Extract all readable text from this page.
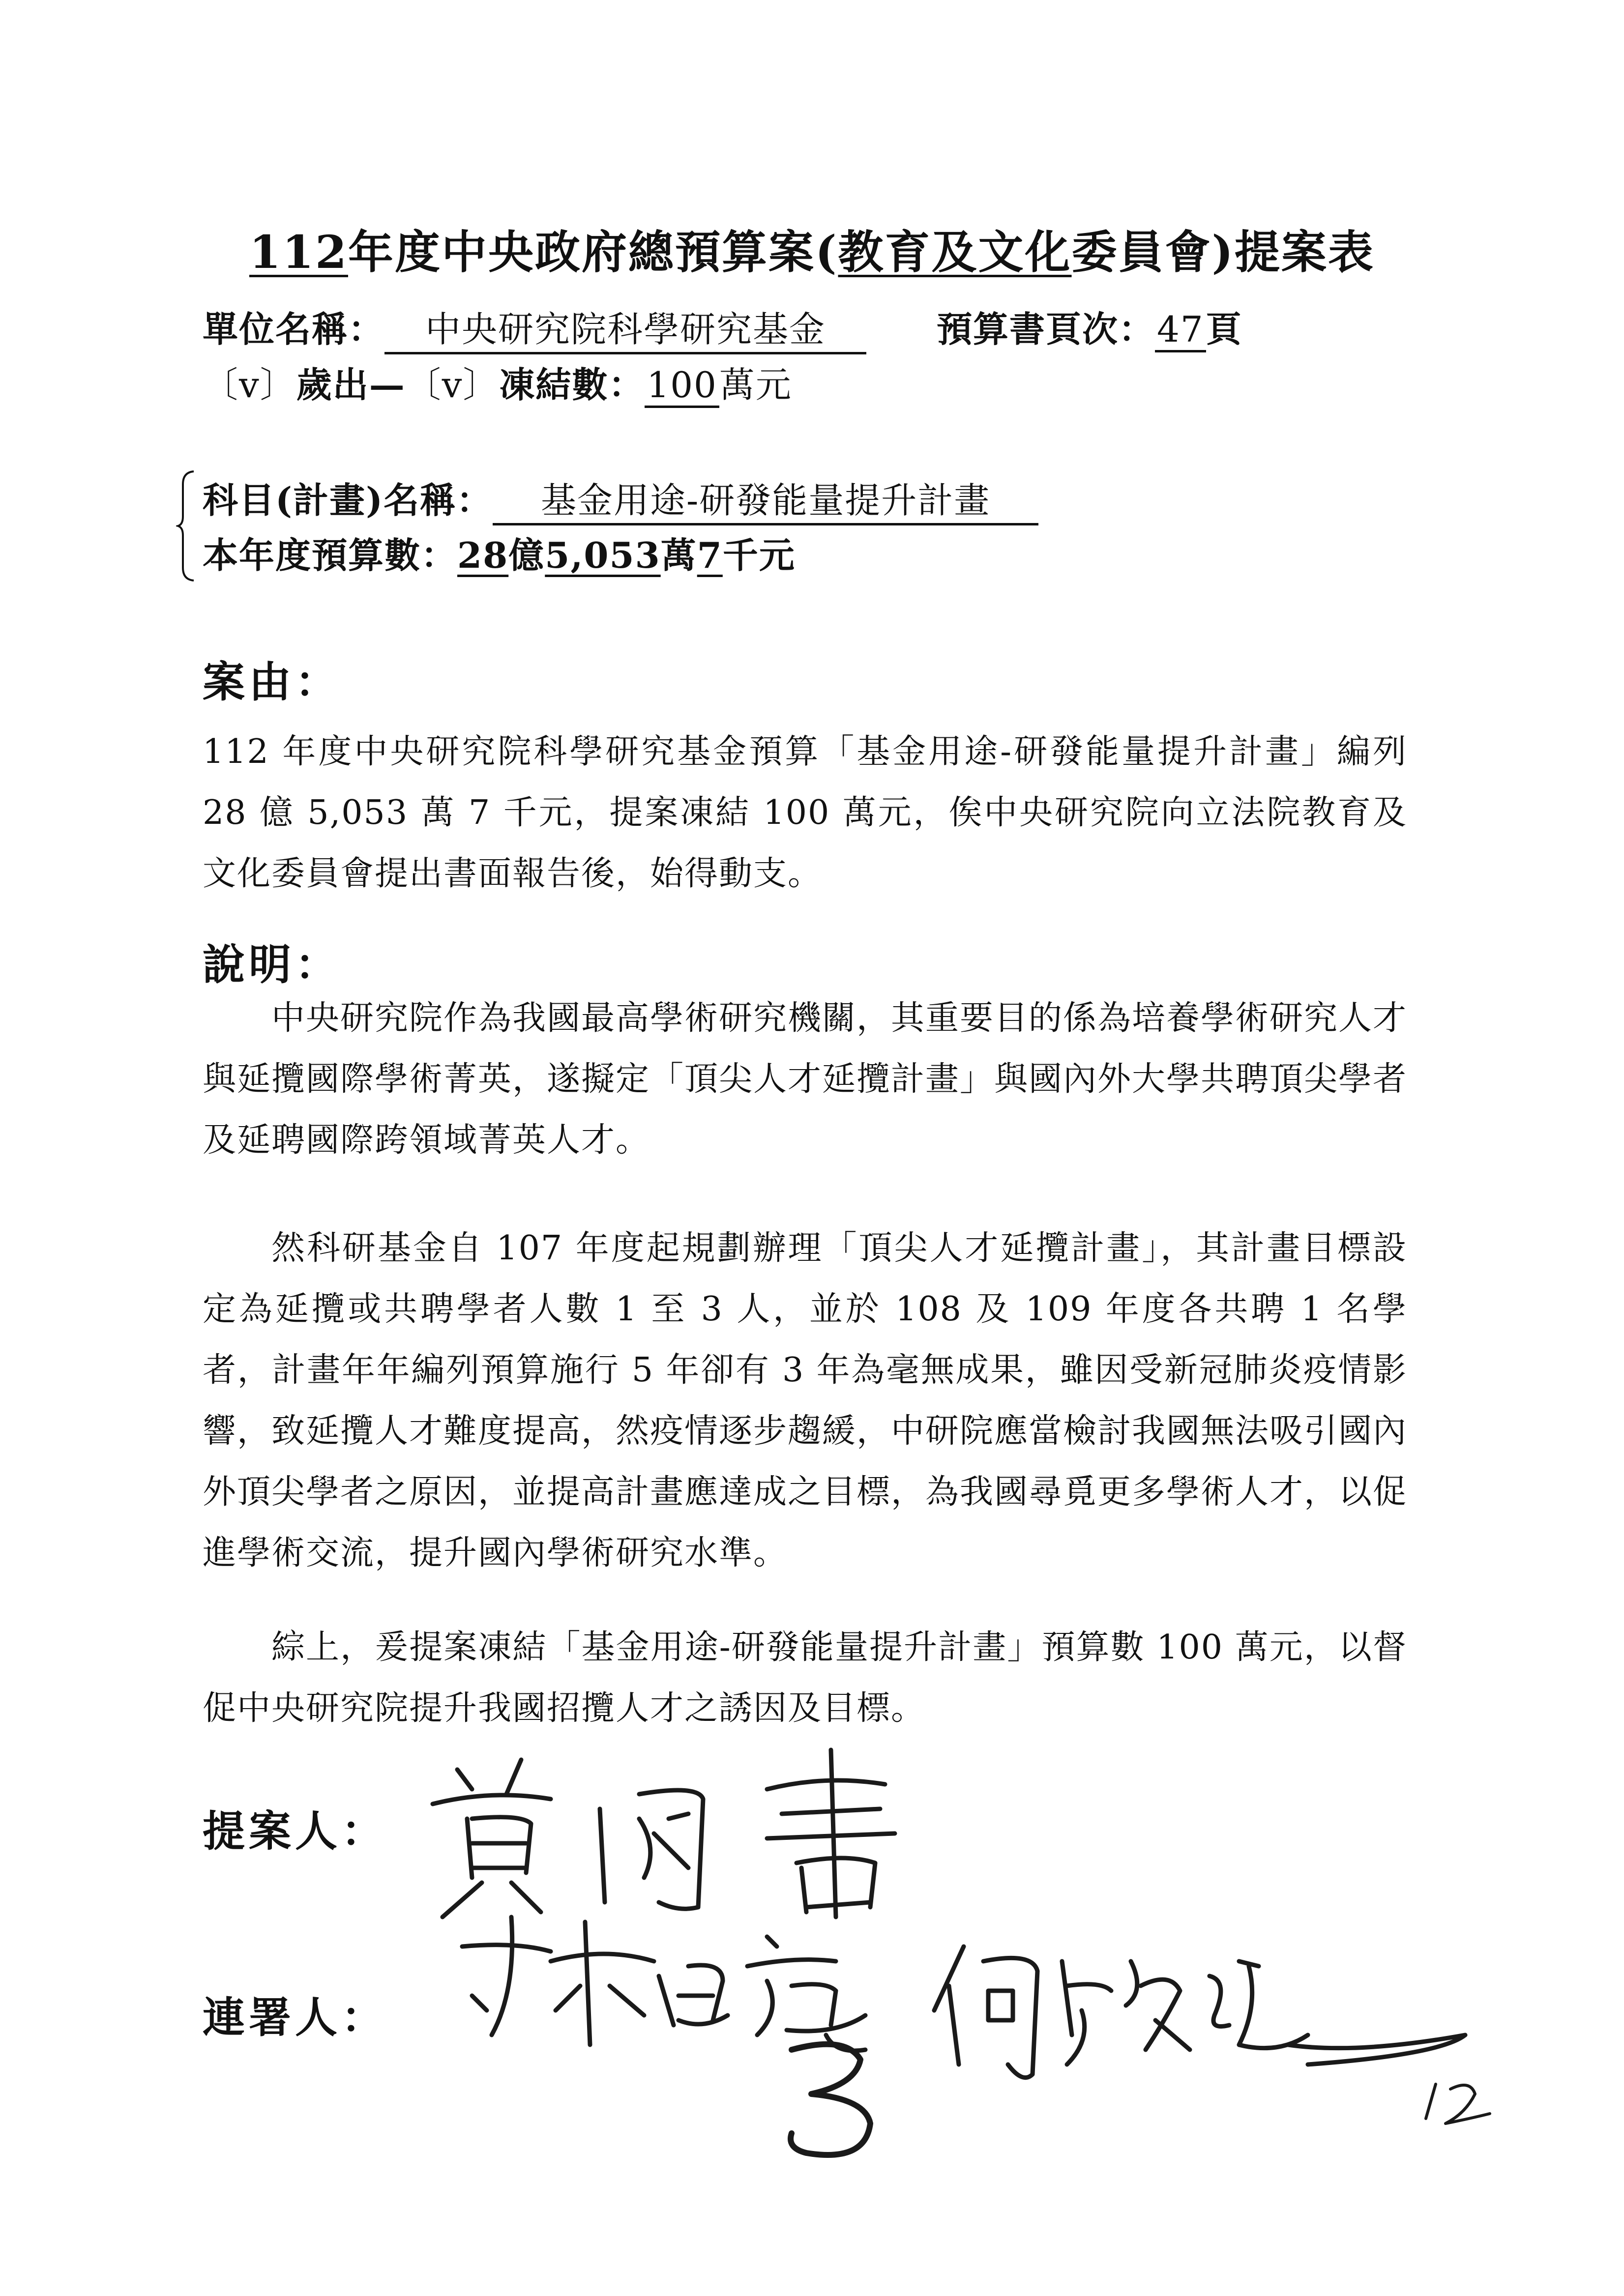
112年度中央政府總預算案(教育及文化委員會)提案表
單位名稱： 中央研究院科學研究基金	預算書頁次：47頁
〔v〕歲出—〔v〕凍結數：100萬元
科目(計畫)名稱： 基金用途-研發能量提升計畫
本年度預算數：28億5,053萬7千元
案由：
112 年度中央研究院科學研究基金預算「基金用途-研發能量提升計畫」編列 28 億 5,053 萬 7 千元，提案凍結 100 萬元，俟中央研究院向立法院教育及文化委員會提出書面報告後，始得動支。
說明：
中央研究院作為我國最高學術研究機關，其重要目的係為培養學術研究人才與延攬國際學術菁英，遂擬定「頂尖人才延攬計畫」與國內外大學共聘頂尖學者及延聘國際跨領域菁英人才。
然科研基金自 107 年度起規劃辦理「頂尖人才延攬計畫」，其計畫目標設定為延攬或共聘學者人數 1 至 3 人，並於 108 及 109 年度各共聘 1 名學者，計畫年年編列預算施行 5 年卻有 3 年為毫無成果，雖因受新冠肺炎疫情影響，致延攬人才難度提高，然疫情逐步趨緩，中研院應當檢討我國無法吸引國內外頂尖學者之原因，並提高計畫應達成之目標，為我國尋覓更多學術人才，以促進學術交流，提升國內學術研究水準。
綜上，爰提案凍結「基金用途-研發能量提升計畫」預算數 100 萬元，以督促中央研究院提升我國招攬人才之誘因及目標。
提案人：
連署人：
